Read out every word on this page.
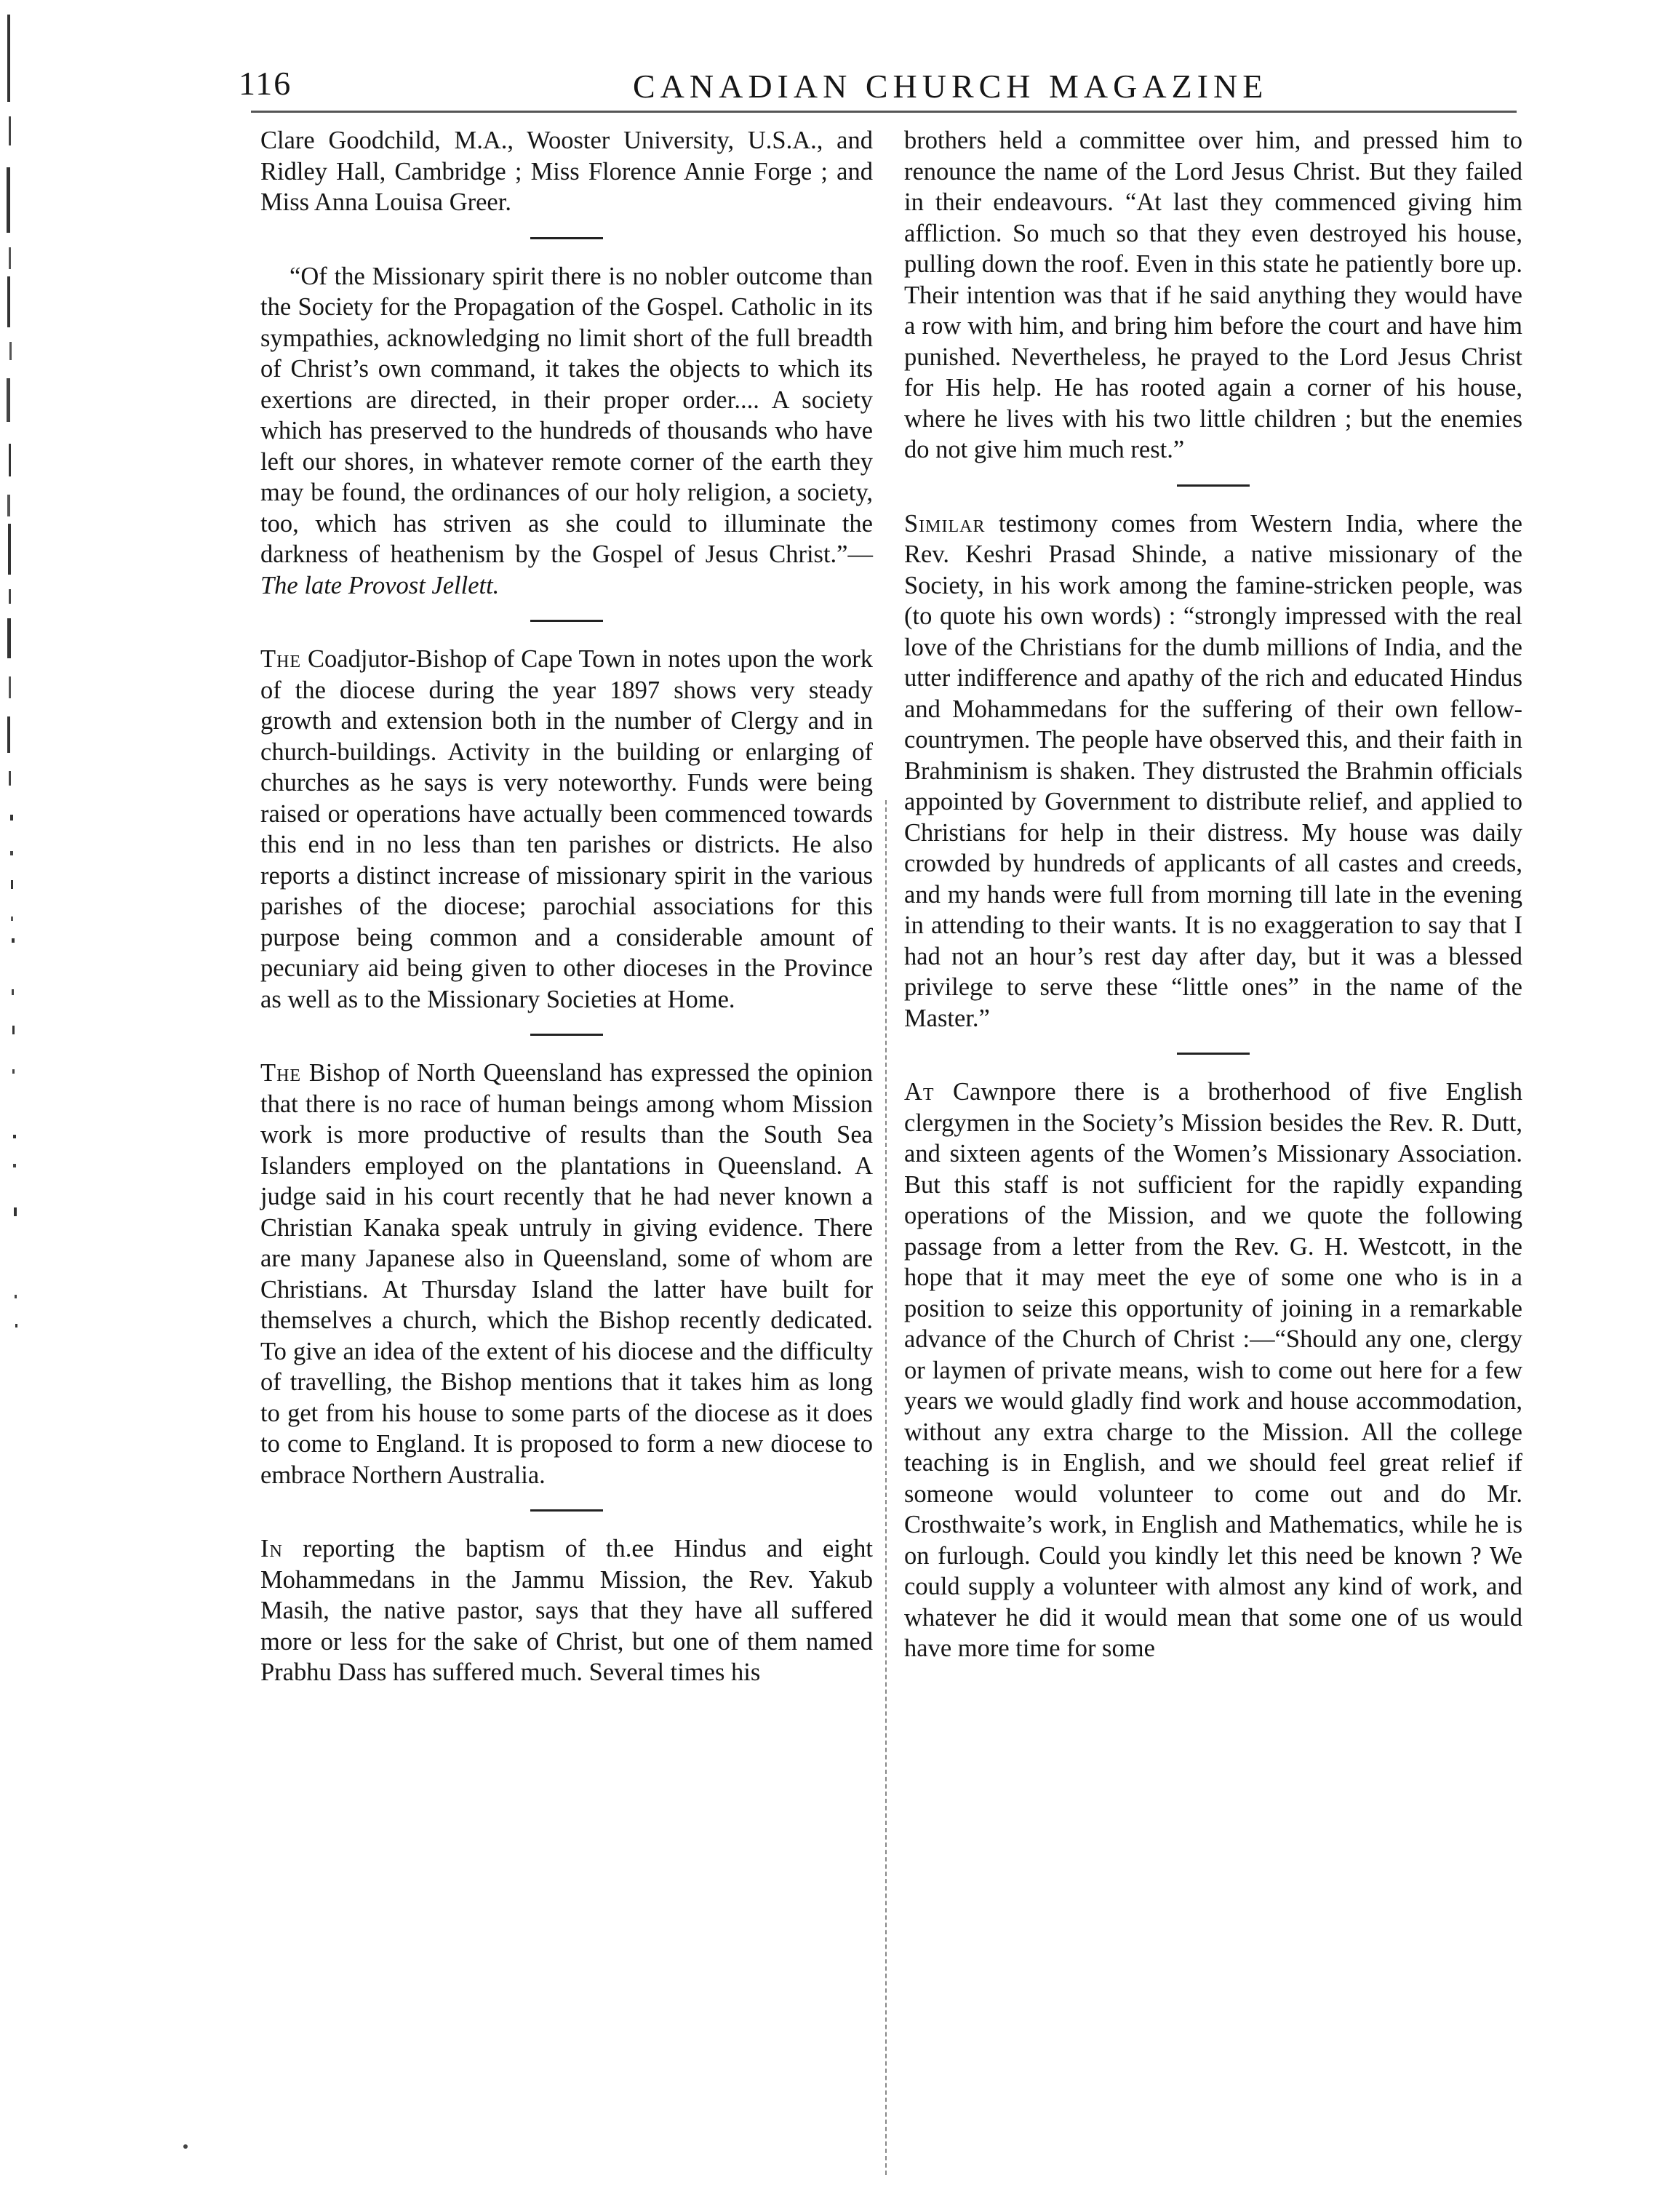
116	CANADIAN CHURCH MAGAZINE

Clare Goodchild, M.A., Wooster University, U.S.A., and Ridley Hall, Cambridge ; Miss Florence Annie Forge ; and Miss Anna Louisa Greer.

“Of the Missionary spirit there is no nobler outcome than the Society for the Propagation of the Gospel. Catholic in its sympathies, acknowledging no limit short of the full breadth of Christ’s own command, it takes the objects to which its exertions are directed, in their proper order.... A society which has preserved to the hundreds of thousands who have left our shores, in whatever remote corner of the earth they may be found, the ordinances of our holy religion, a society, too, which has striven as she could to illuminate the darkness of heathenism by the Gospel of Jesus Christ.”—The late Provost Jellett.

The Coadjutor-Bishop of Cape Town in notes upon the work of the diocese during the year 1897 shows very steady growth and extension both in the number of Clergy and in church-buildings. Activity in the building or enlarging of churches as he says is very noteworthy. Funds were being raised or operations have actually been commenced towards this end in no less than ten parishes or districts. He also reports a distinct increase of missionary spirit in the various parishes of the diocese; parochial associations for this purpose being common and a considerable amount of pecuniary aid being given to other dioceses in the Province as well as to the Missionary Societies at Home.

The Bishop of North Queensland has expressed the opinion that there is no race of human beings among whom Mission work is more productive of results than the South Sea Islanders employed on the plantations in Queensland. A judge said in his court recently that he had never known a Christian Kanaka speak untruly in giving evidence. There are many Japanese also in Queensland, some of whom are Christians. At Thursday Island the latter have built for themselves a church, which the Bishop recently dedicated. To give an idea of the extent of his diocese and the difficulty of travelling, the Bishop mentions that it takes him as long to get from his house to some parts of the diocese as it does to come to England. It is proposed to form a new diocese to embrace Northern Australia.

In reporting the baptism of th.ee Hindus and eight Mohammedans in the Jammu Mission, the Rev. Yakub Masih, the native pastor, says that they have all suffered more or less for the sake of Christ, but one of them named Prabhu Dass has suffered much. Several times his

brothers held a committee over him, and pressed him to renounce the name of the Lord Jesus Christ. But they failed in their endeavours. “At last they commenced giving him affliction. So much so that they even destroyed his house, pulling down the roof. Even in this state he patiently bore up. Their intention was that if he said anything they would have a row with him, and bring him before the court and have him punished. Nevertheless, he prayed to the Lord Jesus Christ for His help. He has rooted again a corner of his house, where he lives with his two little children ; but the enemies do not give him much rest.”

Similar testimony comes from Western India, where the Rev. Keshri Prasad Shinde, a native missionary of the Society, in his work among the famine-stricken people, was (to quote his own words) : “strongly impressed with the real love of the Christians for the dumb millions of India, and the utter indifference and apathy of the rich and educated Hindus and Mohammedans for the suffering of their own fellow-countrymen. The people have observed this, and their faith in Brahminism is shaken. They distrusted the Brahmin officials appointed by Government to distribute relief, and applied to Christians for help in their distress. My house was daily crowded by hundreds of applicants of all castes and creeds, and my hands were full from morning till late in the evening in attending to their wants. It is no exaggeration to say that I had not an hour’s rest day after day, but it was a blessed privilege to serve these “little ones” in the name of the Master.”

At Cawnpore there is a brotherhood of five English clergymen in the Society’s Mission besides the Rev. R. Dutt, and sixteen agents of the Women’s Missionary Association. But this staff is not sufficient for the rapidly expanding operations of the Mission, and we quote the following passage from a letter from the Rev. G. H. Westcott, in the hope that it may meet the eye of some one who is in a position to seize this opportunity of joining in a remarkable advance of the Church of Christ :—“Should any one, clergy or laymen of private means, wish to come out here for a few years we would gladly find work and house accommodation, without any extra charge to the Mission. All the college teaching is in English, and we should feel great relief if someone would volunteer to come out and do Mr. Crosthwaite’s work, in English and Mathematics, while he is on furlough. Could you kindly let this need be known ? We could supply a volunteer with almost any kind of work, and whatever he did it would mean that some one of us would have more time for some
